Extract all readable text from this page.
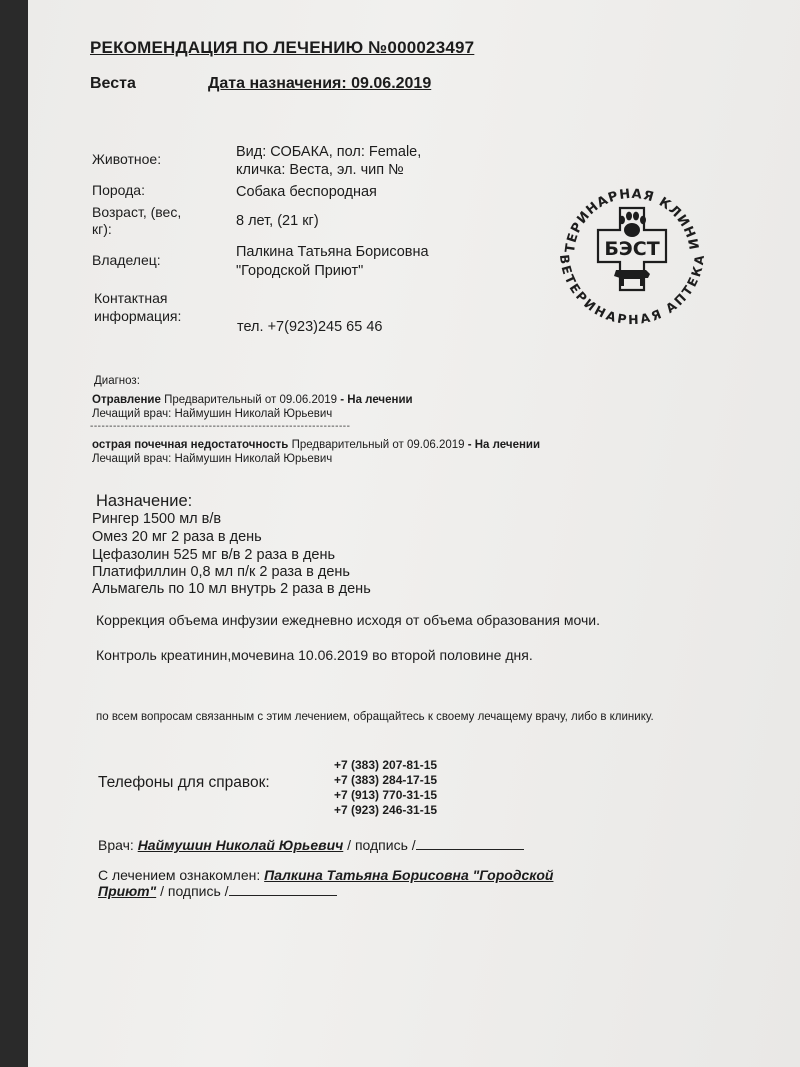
РЕКОМЕНДАЦИЯ ПО ЛЕЧЕНИЮ №000023497
Веста	Дата назначения: 09.06.2019
Животное:	Вид: СОБАКА, пол: Female,
кличка: Веста, эл. чип №
Порода:	Собака беспородная
Возраст, (вес,
кг):	8 лет, (21 кг)
Владелец:	Палкина Татьяна Борисовна
"Городской Приют"
Контактная
информация:
тел. +7(923)245 65 46
ТЕРИНАРНАЯ КЛИНИ
ВЕТЕРИНАРНАЯ АПТЕКА
БЭСТ
Диагноз:
Отравление Предварительный от 09.06.2019 - На лечении
Лечащий врач: Наймушин Николай Юрьевич
--------------------------------------------------------------------
острая почечная недостаточность Предварительный от 09.06.2019 - На лечении
Лечащий врач: Наймушин Николай Юрьевич
Назначение:
Рингер 1500 мл в/в
Омез 20 мг 2 раза в день
Цефазолин 525 мг в/в 2 раза в день
Платифиллин 0,8 мл п/к 2 раза в день
Альмагель по 10 мл внутрь 2 раза в день
Коррекция объема инфузии ежедневно исходя от объема образования мочи.
Контроль креатинин,мочевина 10.06.2019 во второй половине дня.
по всем вопросам связанным с этим лечением, обращайтесь к своему лечащему врачу, либо в клинику.
Телефоны для справок:
+7 (383) 207-81-15
+7 (383) 284-17-15
+7 (913) 770-31-15
+7 (923) 246-31-15
Врач: Наймушин Николай Юрьевич / подпись /
С лечением ознакомлен: Палкина Татьяна Борисовна "Городской
Приют" / подпись /
